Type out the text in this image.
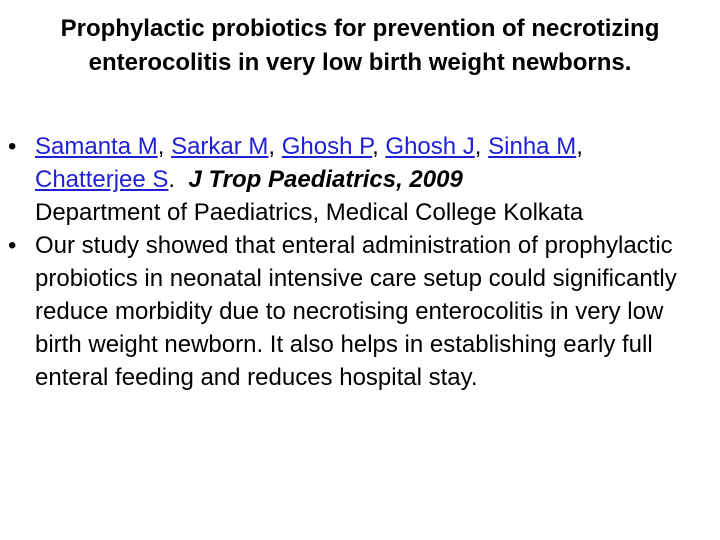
Prophylactic probiotics for prevention of necrotizing
enterocolitis in very low birth weight newborns.
• Samanta M, Sarkar M, Ghosh P, Ghosh J, Sinha M,
Chatterjee S.  J Trop Paediatrics, 2009
Department of Paediatrics, Medical College Kolkata
• Our study showed that enteral administration of prophylactic probiotics in neonatal intensive care setup could significantly reduce morbidity due to necrotising enterocolitis in very low birth weight newborn. It also helps in establishing early full enteral feeding and reduces hospital stay.
